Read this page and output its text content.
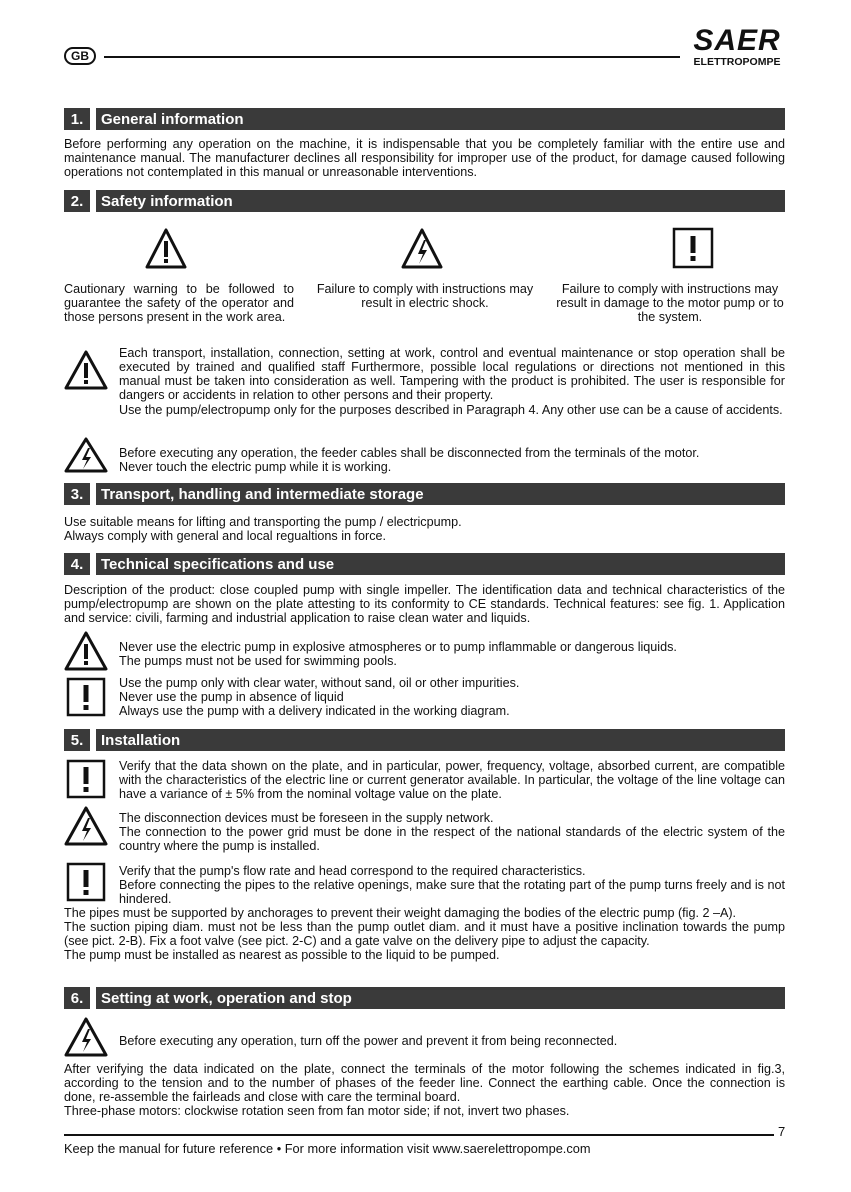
GB	SAER
ELETTROPOMPE
1.	General information

Before performing any operation on the machine, it is indispensable that you be completely familiar with the entire use and maintenance manual. The manufacturer declines all responsibility for improper use of the product, for damage caused following operations not contemplated in this manual or unreasonable interventions.

2.	Safety information

Cautionary warning to be followed to guarantee the safety of the operator and those persons present in the work area.

Failure to comply with instructions may result in electric shock.

Failure to comply with instructions may result in damage to the motor pump or to the system.

Each transport, installation, connection, setting at work, control and eventual maintenance or stop operation shall be executed by trained and qualified staff Furthermore, possible local regulations or directions not mentioned in this manual must be taken into consideration as well. Tampering with the product is prohibited. The user is responsible for dangers or accidents in relation to other persons and their property.

Use the pump/electropump only for the purposes described in Paragraph 4. Any other use can be a cause of accidents.

Before executing any operation, the feeder cables shall be disconnected from the terminals of the motor.

Never touch the electric pump while it is working.

3.	Transport, handling and intermediate storage

Use suitable means for lifting and transporting the pump / electricpump.

Always comply with general and local regualtions in force.

4.	Technical specifications and use

Description of the product: close coupled pump with single impeller. The identification data and technical characteristics of the pump/electropump are shown on the plate attesting to its conformity to CE standards. Technical features: see fig. 1. Application and service: civili, farming and industrial application to raise clean water and liquids.

Never use the electric pump in explosive atmospheres or to pump inflammable or dangerous liquids.

The pumps must not be used for swimming pools.

Use the pump only with clear water, without sand, oil or other impurities.

Never use the pump in absence of liquid

Always use the pump with a delivery indicated in the working diagram.

5.	Installation

Verify that the data shown on the plate, and in particular, power, frequency, voltage, absorbed current, are compatible with the characteristics of the electric line or current generator available. In particular, the voltage of the line voltage can have a variance of ± 5% from the nominal voltage value on the plate.

The disconnection devices must be foreseen in the supply network.

The connection to the power grid must be done in the respect of the national standards of the electric system of the country where the pump is installed.

Verify that the pump's flow rate and head correspond to the required characteristics.

Before connecting the pipes to the relative openings, make sure that the rotating part of the pump turns freely and is not hindered.

The pipes must be supported by anchorages to prevent their weight damaging the bodies of the electric pump (fig. 2 –A).

The suction piping diam. must not be less than the pump outlet diam. and it must have a positive inclination towards the pump (see pict. 2-B). Fix a foot valve (see pict. 2-C) and a gate valve on the delivery pipe to adjust the capacity.

The pump must be installed as nearest as possible to the liquid to be pumped.

6.	Setting at work, operation and stop

Before executing any operation, turn off the power and prevent it from being reconnected.

After verifying the data indicated on the plate, connect the terminals of the motor following the schemes indicated in fig.3, according to the tension and to the number of phases of the feeder line. Connect the earthing cable. Once the connection is done, re-assemble the fairleads and close with care the terminal board.

Three-phase motors: clockwise rotation seen from fan motor side; if not, invert two phases.

7
Keep the manual for future reference • For more information visit www.saerelettropompe.com
